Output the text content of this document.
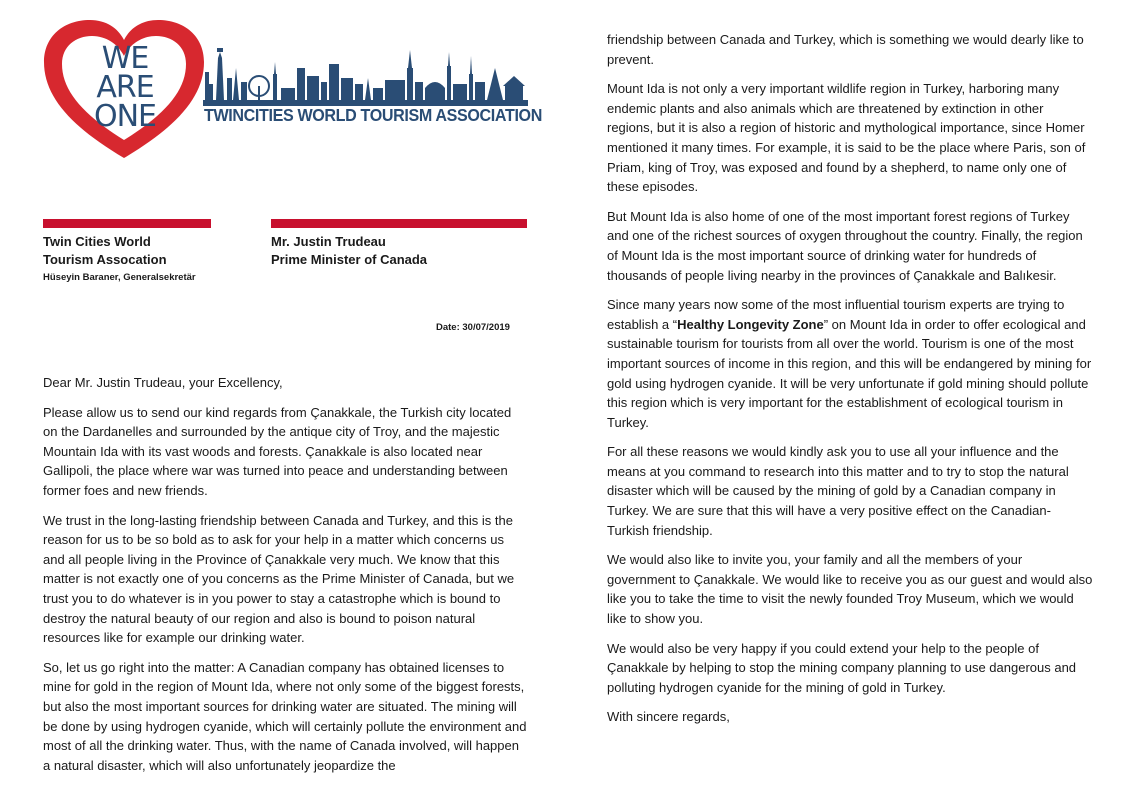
WE
ARE
ONE	TWINCITIES WORLD TOURISM ASSOCIATION
Twin Cities World
Tourism Assocation
Hüseyin Baraner, Generalsekretär
Mr. Justin Trudeau
Prime Minister of Canada
Date: 30/07/2019

Dear Mr. Justin Trudeau, your Excellency,

Please allow us to send our kind regards from Çanakkale, the Turkish city located on the Dardanelles and surrounded by the antique city of Troy, and the majestic Mountain Ida with its vast woods and forests. Çanakkale is also located near Gallipoli, the place where war was turned into peace and understanding between former foes and new friends.

We trust in the long-lasting friendship between Canada and Turkey, and this is the reason for us to be so bold as to ask for your help in a matter which concerns us and all people living in the Province of Çanakkale very much. We know that this matter is not exactly one of you concerns as the Prime Minister of Canada, but we trust you to do whatever is in you power to stay a catastrophe which is bound to destroy the natural beauty of our region and also is bound to poison natural resources like for example our drinking water.

So, let us go right into the matter: A Canadian company has obtained licenses to mine for gold in the region of Mount Ida, where not only some of the biggest forests, but also the most important sources for drinking water are situated. The mining will be done by using hydrogen cyanide, which will certainly pollute the environment and most of all the drinking water. Thus, with the name of Canada involved, will happen a natural disaster, which will also unfortunately jeopardize the

friendship between Canada and Turkey, which is something we would dearly like to prevent.

Mount Ida is not only a very important wildlife region in Turkey, harboring many endemic plants and also animals which are threatened by extinction in other regions, but it is also a region of historic and mythological importance, since Homer mentioned it many times. For example, it is said to be the place where Paris, son of Priam, king of Troy, was exposed and found by a shepherd, to name only one of these episodes.

But Mount Ida is also home of one of the most important forest regions of Turkey and one of the richest sources of oxygen throughout the country. Finally, the region of Mount Ida is the most important source of drinking water for hundreds of thousands of people living nearby in the provinces of Çanakkale and Balıkesir.

Since many years now some of the most influential tourism experts are trying to establish a “Healthy Longevity Zone” on Mount Ida in order to offer ecological and sustainable tourism for tourists from all over the world. Tourism is one of the most important sources of income in this region, and this will be endangered by mining for gold using hydrogen cyanide. It will be very unfortunate if gold mining should pollute this region which is very important for the establishment of ecological tourism in Turkey.

For all these reasons we would kindly ask you to use all your influence and the means at you command to research into this matter and to try to stop the natural disaster which will be caused by the mining of gold by a Canadian company in Turkey. We are sure that this will have a very positive effect on the Canadian-Turkish friendship.

We would also like to invite you, your family and all the members of your government to Çanakkale. We would like to receive you as our guest and would also like you to take the time to visit the newly founded Troy Museum, which we would like to show you.

We would also be very happy if you could extend your help to the people of Çanakkale by helping to stop the mining company planning to use dangerous and polluting hydrogen cyanide for the mining of gold in Turkey.

With sincere regards,
